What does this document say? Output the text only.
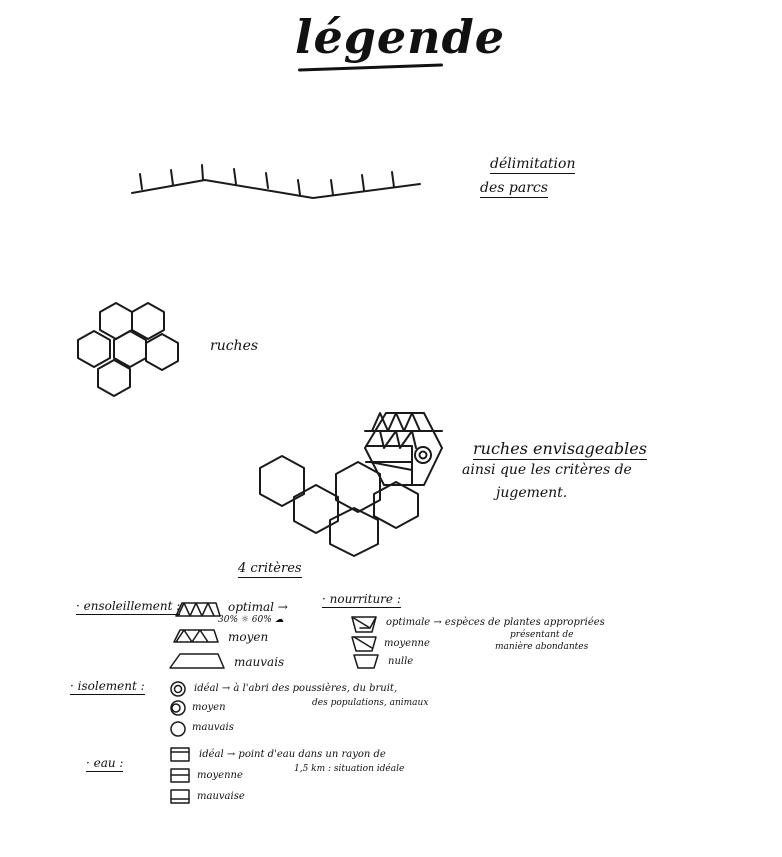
légende
délimitation
des parcs
ruches
ruches envisageables
ainsi que les critères de
jugement.
4 critères
· ensoleillement :	optimal →
30% ☼ 60% ☁
moyen
mauvais
· nourriture :
optimale → espèces de plantes appropriées
présentant de
manière abondantes
moyenne
nulle
· isolement :	idéal → à l'abri des poussières, du bruit,
des populations, animaux
moyen
mauvais
· eau :
idéal → point d'eau dans un rayon de
1,5 km : situation idéale
moyenne
mauvaise
